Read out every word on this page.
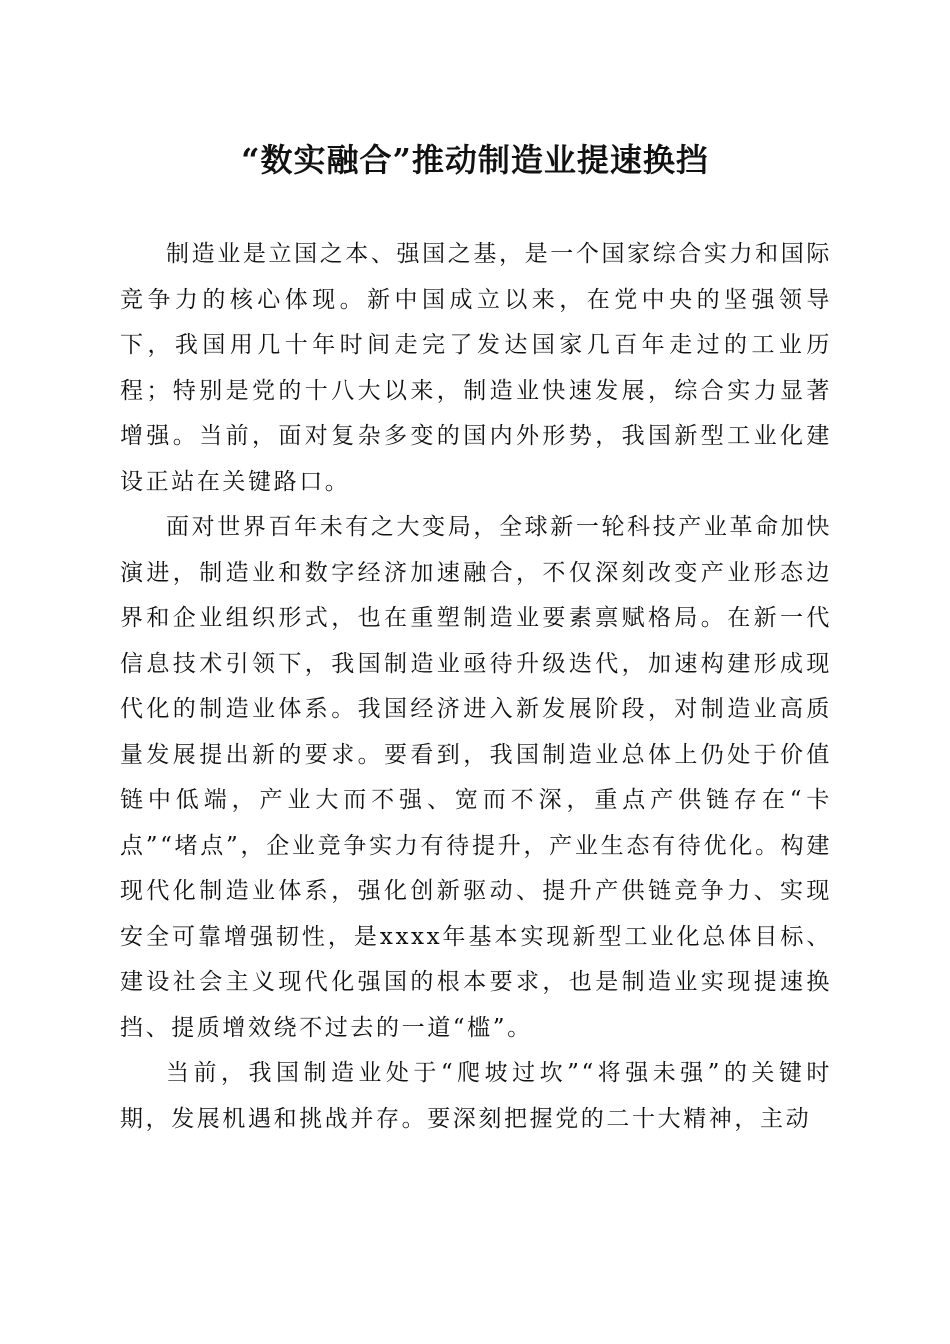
“数实融合”推动制造业提速换挡

制造业是立国之本、强国之基，是一个国家综合实力和国际竞争力的核心体现。新中国成立以来，在党中央的坚强领导下，我国用几十年时间走完了发达国家几百年走过的工业历程；特别是党的十八大以来，制造业快速发展，综合实力显著增强。当前，面对复杂多变的国内外形势，我国新型工业化建设正站在关键路口。

面对世界百年未有之大变局，全球新一轮科技产业革命加快演进，制造业和数字经济加速融合，不仅深刻改变产业形态边界和企业组织形式，也在重塑制造业要素禀赋格局。在新一代信息技术引领下，我国制造业亟待升级迭代，加速构建形成现代化的制造业体系。我国经济进入新发展阶段，对制造业高质量发展提出新的要求。要看到，我国制造业总体上仍处于价值链中低端，产业大而不强、宽而不深，重点产供链存在“卡点”“堵点”，企业竞争实力有待提升，产业生态有待优化。构建现代化制造业体系，强化创新驱动、提升产供链竞争力、实现安全可靠增强韧性，是xxxx年基本实现新型工业化总体目标、建设社会主义现代化强国的根本要求，也是制造业实现提速换挡、提质增效绕不过去的一道“槛”。

当前，我国制造业处于“爬坡过坎”“将强未强”的关键时期，发展机遇和挑战并存。要深刻把握党的二十大精神，主动
